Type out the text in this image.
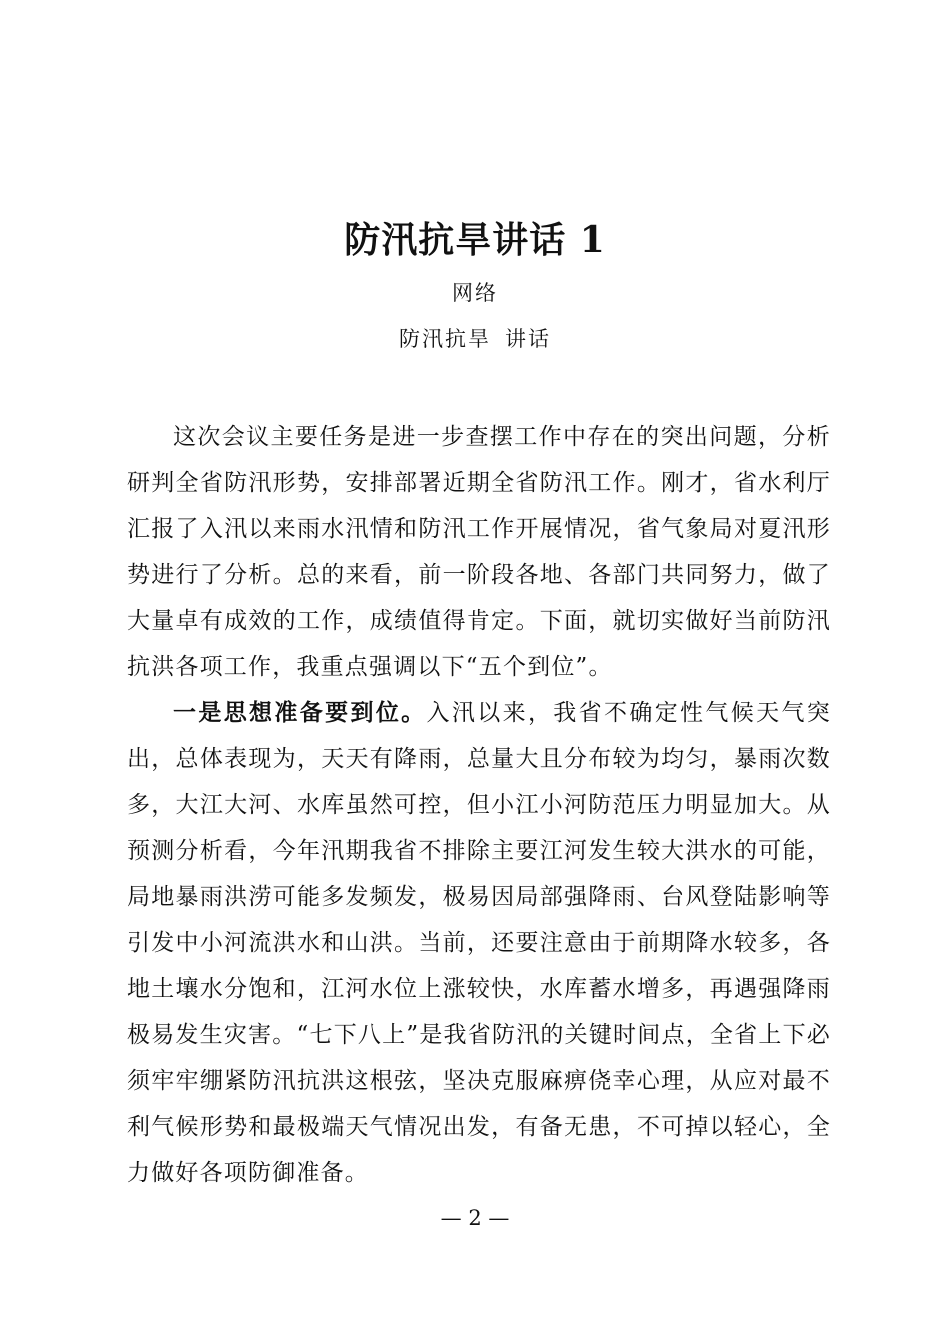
防汛抗旱讲话 1
网络
防汛抗旱 讲话

这次会议主要任务是进一步查摆工作中存在的突出问题，分析研判全省防汛形势，安排部署近期全省防汛工作。刚才，省水利厅汇报了入汛以来雨水汛情和防汛工作开展情况，省气象局对夏汛形势进行了分析。总的来看，前一阶段各地、各部门共同努力，做了大量卓有成效的工作，成绩值得肯定。下面，就切实做好当前防汛抗洪各项工作，我重点强调以下“五个到位”。

一是思想准备要到位。入汛以来，我省不确定性气候天气突出，总体表现为，天天有降雨，总量大且分布较为均匀，暴雨次数多，大江大河、水库虽然可控，但小江小河防范压力明显加大。从预测分析看，今年汛期我省不排除主要江河发生较大洪水的可能，局地暴雨洪涝可能多发频发，极易因局部强降雨、台风登陆影响等引发中小河流洪水和山洪。当前，还要注意由于前期降水较多，各地土壤水分饱和，江河水位上涨较快，水库蓄水增多，再遇强降雨极易发生灾害。“七下八上”是我省防汛的关键时间点，全省上下必须牢牢绷紧防汛抗洪这根弦，坚决克服麻痹侥幸心理，从应对最不利气候形势和最极端天气情况出发，有备无患，不可掉以轻心，全力做好各项防御准备。

— 2 —
